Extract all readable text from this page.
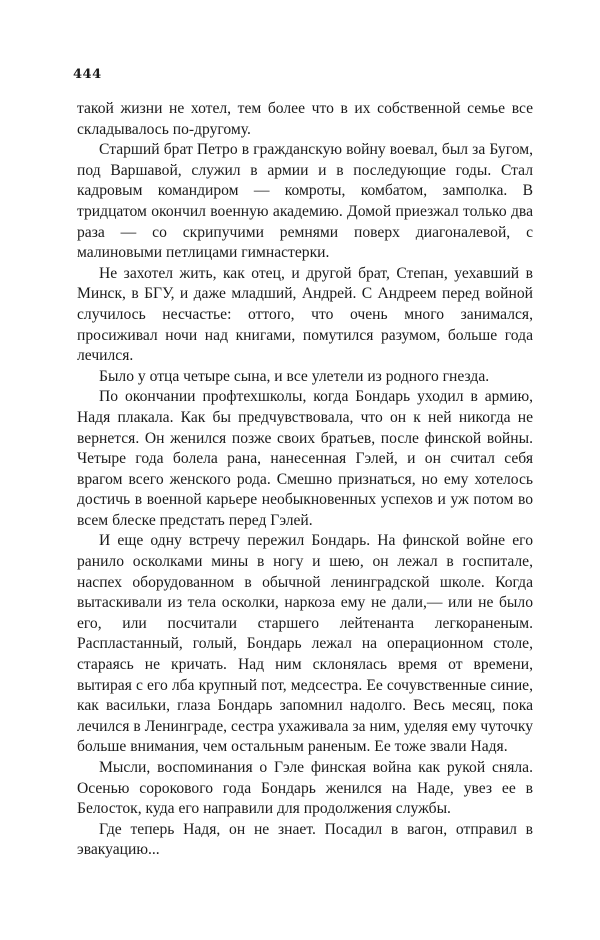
444

такой жизни не хотел, тем более что в их собственной семье все складывалось по-другому.

Старший брат Петро в гражданскую войну воевал, был за Бугом, под Варшавой, служил в армии и в последующие годы. Стал кадровым командиром — комроты, комбатом, замполка. В тридцатом окончил военную академию. Домой приезжал только два раза — со скрипучими ремнями поверх диагоналевой, с малиновыми петлицами гимнастерки.

Не захотел жить, как отец, и другой брат, Степан, уехавший в Минск, в БГУ, и даже младший, Андрей. С Андреем перед войной случилось несчастье: оттого, что очень много занимался, просиживал ночи над книгами, помутился разумом, больше года лечился.

Было у отца четыре сына, и все улетели из родного гнезда.

По окончании профтехшколы, когда Бондарь уходил в армию, Надя плакала. Как бы предчувствовала, что он к ней никогда не вернется. Он женился позже своих братьев, после финской войны. Четыре года болела рана, нанесенная Гэлей, и он считал себя врагом всего женского рода. Смешно признаться, но ему хотелось достичь в военной карьере необыкновенных успехов и уж потом во всем блеске предстать перед Гэлей.

И еще одну встречу пережил Бондарь. На финской войне его ранило осколками мины в ногу и шею, он лежал в госпитале, наспех оборудованном в обычной ленинградской школе. Когда вытаскивали из тела осколки, наркоза ему не дали,— или не было его, или посчитали старшего лейтенанта легкораненым. Распластанный, голый, Бондарь лежал на операционном столе, стараясь не кричать. Над ним склонялась время от времени, вытирая с его лба крупный пот, медсестра. Ее сочувственные синие, как васильки, глаза Бондарь запомнил надолго. Весь месяц, пока лечился в Ленинграде, сестра ухаживала за ним, уделяя ему чуточку больше внимания, чем остальным раненым. Ее тоже звали Надя.

Мысли, воспоминания о Гэле финская война как рукой сняла. Осенью сорокового года Бондарь женился на Наде, увез ее в Белосток, куда его направили для продолжения службы.

Где теперь Надя, он не знает. Посадил в вагон, отправил в эвакуацию...
